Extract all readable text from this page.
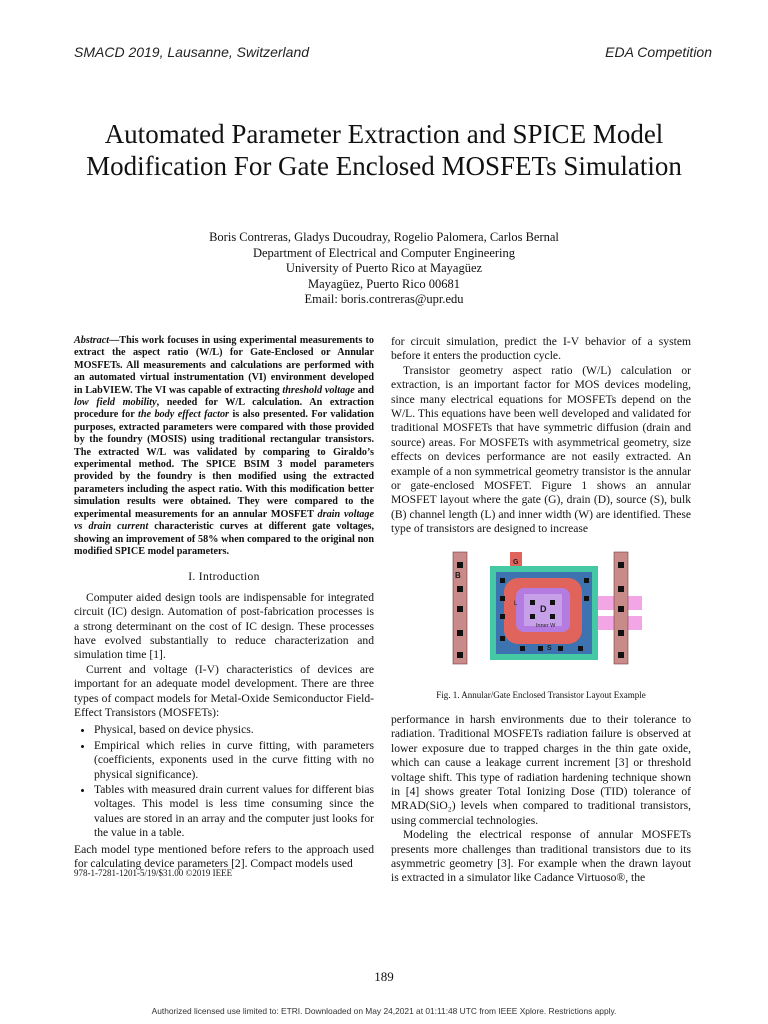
SMACD 2019, Lausanne, Switzerland	EDA Competition
Automated Parameter Extraction and SPICE Model Modification For Gate Enclosed MOSFETs Simulation
Boris Contreras, Gladys Ducoudray, Rogelio Palomera, Carlos Bernal
Department of Electrical and Computer Engineering
University of Puerto Rico at Mayagüez
Mayagüez, Puerto Rico 00681
Email: boris.contreras@upr.edu
Abstract—This work focuses in using experimental measurements to extract the aspect ratio (W/L) for Gate-Enclosed or Annular MOSFETs. All measurements and calculations are performed with an automated virtual instrumentation (VI) environment developed in LabVIEW. The VI was capable of extracting threshold voltage and low field mobility, needed for W/L calculation. An extraction procedure for the body effect factor is also presented. For validation purposes, extracted parameters were compared with those provided by the foundry (MOSIS) using traditional rectangular transistors. The extracted W/L was validated by comparing to Giraldo’s experimental method. The SPICE BSIM 3 model parameters provided by the foundry is then modified using the extracted parameters including the aspect ratio. With this modification better simulation results were obtained. They were compared to the experimental measurements for an annular MOSFET drain voltage vs drain current characteristic curves at different gate voltages, showing an improvement of 58% when compared to the original non modified SPICE model parameters.
I. Introduction

Computer aided design tools are indispensable for integrated circuit (IC) design. Automation of post-fabrication processes is a strong determinant on the cost of IC design. These processes have evolved substantially to reduce characterization and simulation time [1].

Current and voltage (I-V) characteristics of devices are important for an adequate model development. There are three types of compact models for Metal-Oxide Semiconductor Field-Effect Transistors (MOSFETs):

• Physical, based on device physics.
• Empirical which relies in curve fitting, with parameters (coefficients, exponents used in the curve fitting with no physical significance).
• Tables with measured drain current values for different bias voltages. This model is less time consuming since the values are stored in an array and the computer just looks for the value in a table.

Each model type mentioned before refers to the approach used for calculating device parameters [2]. Compact models used

978-1-7281-1201-5/19/$31.00 ©2019 IEEE

for circuit simulation, predict the I-V behavior of a system before it enters the production cycle.

Transistor geometry aspect ratio (W/L) calculation or extraction, is an important factor for MOS devices modeling, since many electrical equations for MOSFETs depend on the W/L. This equations have been well developed and validated for traditional MOSFETs that have symmetric diffusion (drain and source) areas. For MOSFETs with asymmetrical geometry, size effects on devices performance are not easily extracted. An example of a non symmetrical geometry transistor is the annular or gate-enclosed MOSFET. Figure 1 shows an annular MOSFET layout where the gate (G), drain (D), source (S), bulk (B) channel length (L) and inner width (W) are identified. These type of transistors are designed to increase

B
G
D
Inner W
L
S
Fig. 1. Annular/Gate Enclosed Transistor Layout Example

performance in harsh environments due to their tolerance to radiation. Traditional MOSFETs radiation failure is observed at lower exposure due to trapped charges in the thin gate oxide, which can cause a leakage current increment [3] or threshold voltage shift. This type of radiation hardening technique shown in [4] shows greater Total Ionizing Dose (TID) tolerance of MRAD(SiO₂) levels when compared to traditional transistors, using commercial technologies.

Modeling the electrical response of annular MOSFETs presents more challenges than traditional transistors due to its asymmetric geometry [3]. For example when the drawn layout is extracted in a simulator like Cadance Virtuoso®, the

189
Authorized licensed use limited to: ETRI. Downloaded on May 24,2021 at 01:11:48 UTC from IEEE Xplore. Restrictions apply.
